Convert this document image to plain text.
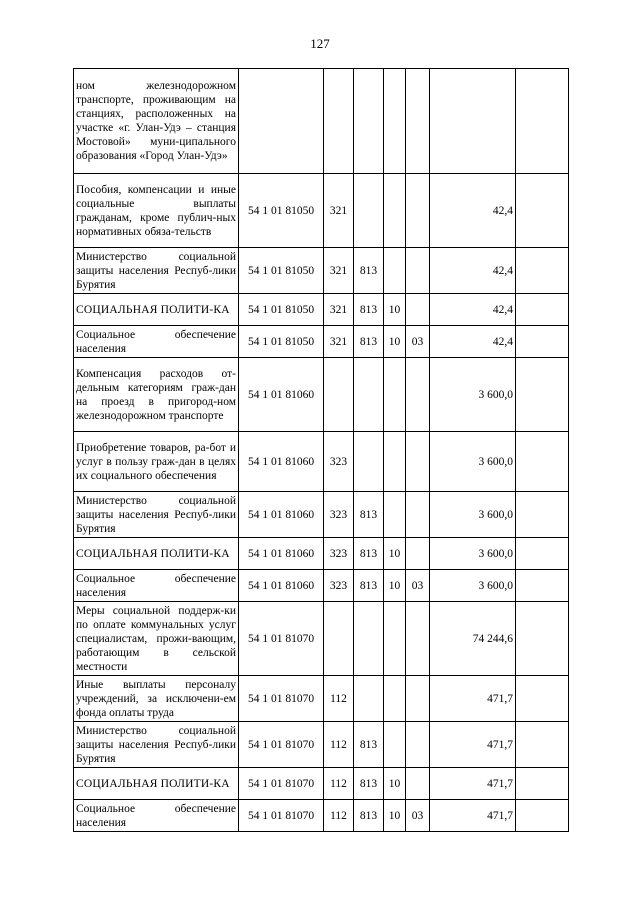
127
ном железнодорожном транспорте, проживающим на станциях, расположенных на участке «г. Улан-Удэ – станция Мостовой» муни-ципального образования «Город Улан-Удэ»							
Пособия, компенсации и иные социальные выплаты гражданам, кроме публич-ных нормативных обяза-тельств	54 1 01 81050	321				42,4	
Министерство социальной защиты населения Респуб-лики Бурятия	54 1 01 81050	321	813			42,4	
СОЦИАЛЬНАЯ ПОЛИТИ-КА	54 1 01 81050	321	813	10		42,4	
Социальное обеспечение населения	54 1 01 81050	321	813	10	03	42,4	
Компенсация расходов от-дельным категориям граж-дан на проезд в пригород-ном железнодорожном транспорте	54 1 01 81060					3 600,0	
Приобретение товаров, ра-бот и услуг в пользу граж-дан в целях их социального обеспечения	54 1 01 81060	323				3 600,0	
Министерство социальной защиты населения Респуб-лики Бурятия	54 1 01 81060	323	813			3 600,0	
СОЦИАЛЬНАЯ ПОЛИТИ-КА	54 1 01 81060	323	813	10		3 600,0	
Социальное обеспечение населения	54 1 01 81060	323	813	10	03	3 600,0	
Меры социальной поддерж-ки по оплате коммунальных услуг специалистам, прожи-вающим, работающим в сельской местности	54 1 01 81070					74 244,6	
Иные выплаты персоналу учреждений, за исключени-ем фонда оплаты труда	54 1 01 81070	112				471,7	
Министерство социальной защиты населения Респуб-лики Бурятия	54 1 01 81070	112	813			471,7	
СОЦИАЛЬНАЯ ПОЛИТИ-КА	54 1 01 81070	112	813	10		471,7	
Социальное обеспечение населения	54 1 01 81070	112	813	10	03	471,7	
